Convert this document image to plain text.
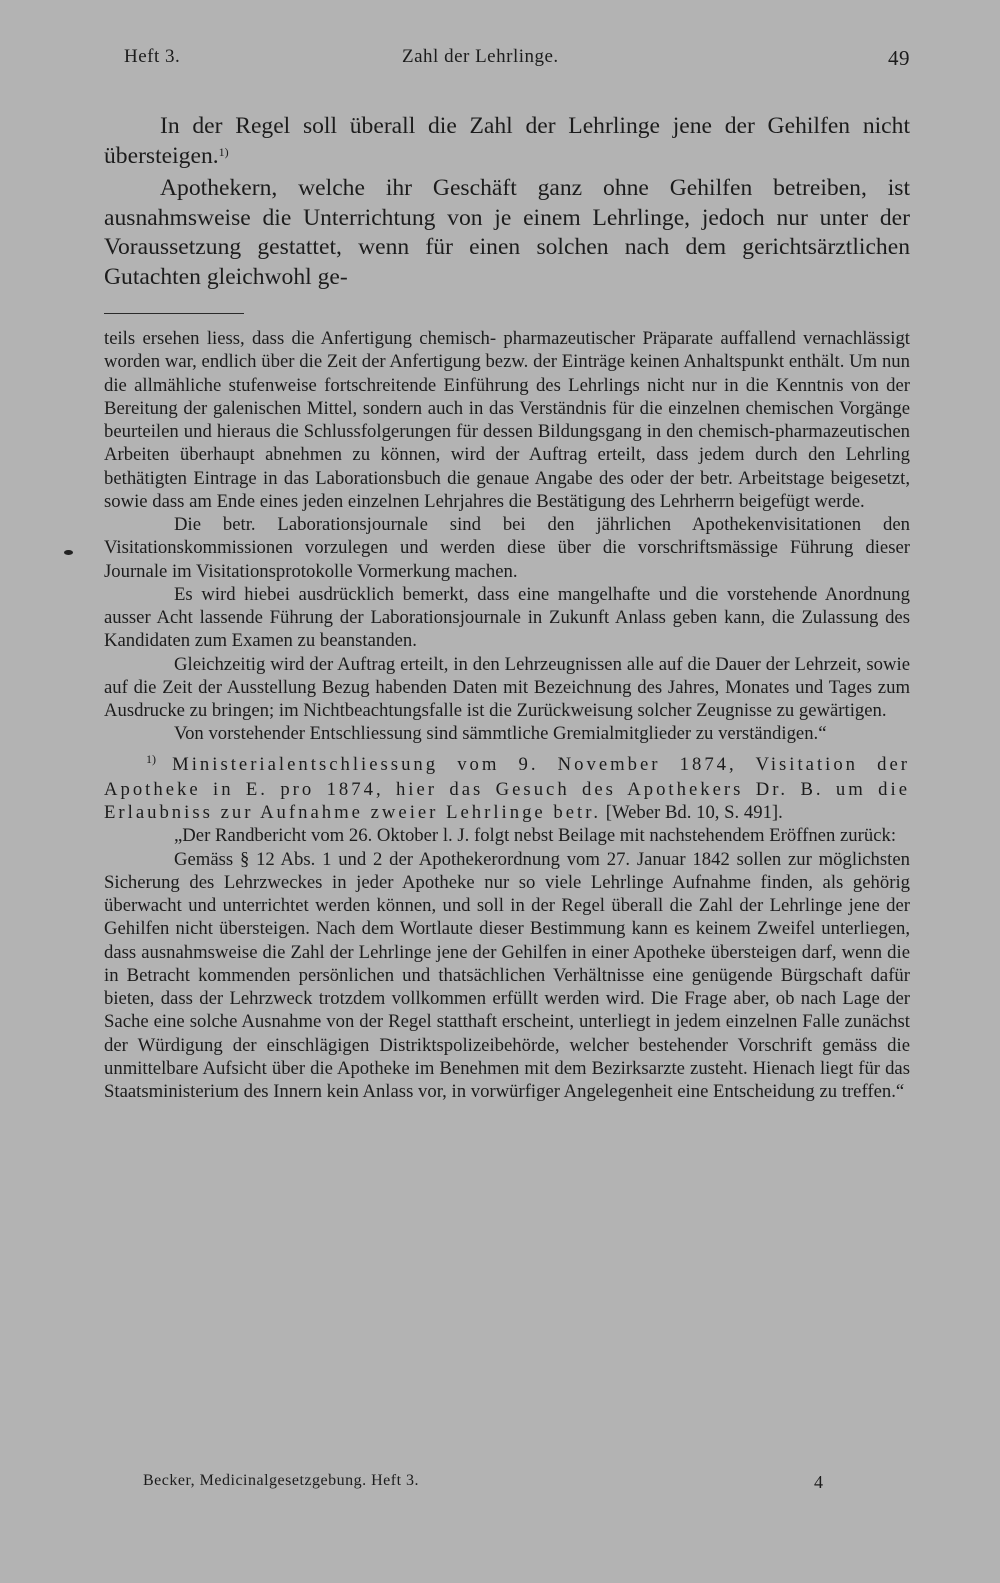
Heft 3.	Zahl der Lehrlinge.	49

In der Regel soll überall die Zahl der Lehrlinge jene der Gehilfen nicht übersteigen.$^{1)}$

Apothekern, welche ihr Geschäft ganz ohne Gehilfen betreiben, ist ausnahmsweise die Unterrichtung von je einem Lehrlinge, jedoch nur unter der Voraussetzung gestattet, wenn für einen solchen nach dem gerichtsärztlichen Gutachten gleichwohl ge-

teils ersehen liess, dass die Anfertigung chemisch- pharmazeutischer Präparate auffallend vernachlässigt worden war, endlich über die Zeit der Anfertigung bezw. der Einträge keinen Anhaltspunkt enthält. Um nun die allmähliche stufenweise fortschreitende Einführung des Lehrlings nicht nur in die Kenntnis von der Bereitung der galenischen Mittel, sondern auch in das Verständnis für die einzelnen chemischen Vorgänge beurteilen und hieraus die Schlussfolgerungen für dessen Bildungsgang in den chemisch-pharmazeutischen Arbeiten überhaupt abnehmen zu können, wird der Auftrag erteilt, dass jedem durch den Lehrling bethätigten Eintrage in das Laborationsbuch die genaue Angabe des oder der betr. Arbeitstage beigesetzt, sowie dass am Ende eines jeden einzelnen Lehrjahres die Bestätigung des Lehrherrn beigefügt werde.

Die betr. Laborationsjournale sind bei den jährlichen Apothekenvisitationen den Visitationskommissionen vorzulegen und werden diese über die vorschriftsmässige Führung dieser Journale im Visitationsprotokolle Vormerkung machen.

Es wird hiebei ausdrücklich bemerkt, dass eine mangelhafte und die vorstehende Anordnung ausser Acht lassende Führung der Laborationsjournale in Zukunft Anlass geben kann, die Zulassung des Kandidaten zum Examen zu beanstanden.

Gleichzeitig wird der Auftrag erteilt, in den Lehrzeugnissen alle auf die Dauer der Lehrzeit, sowie auf die Zeit der Ausstellung Bezug habenden Daten mit Bezeichnung des Jahres, Monates und Tages zum Ausdrucke zu bringen; im Nichtbeachtungsfalle ist die Zurückweisung solcher Zeugnisse zu gewärtigen.

Von vorstehender Entschliessung sind sämmtliche Gremialmitglieder zu verständigen.“

$^{1)}$ Ministerialentschliessung vom 9. November 1874, Visitation der Apotheke in E. pro 1874, hier das Gesuch des Apothekers Dr. B. um die Erlaubniss zur Aufnahme zweier Lehrlinge betr. [Weber Bd. 10, S. 491].

„Der Randbericht vom 26. Oktober l. J. folgt nebst Beilage mit nachstehendem Eröffnen zurück:

Gemäss § 12 Abs. 1 und 2 der Apothekerordnung vom 27. Januar 1842 sollen zur möglichsten Sicherung des Lehrzweckes in jeder Apotheke nur so viele Lehrlinge Aufnahme finden, als gehörig überwacht und unterrichtet werden können, und soll in der Regel überall die Zahl der Lehrlinge jene der Gehilfen nicht übersteigen. Nach dem Wortlaute dieser Bestimmung kann es keinem Zweifel unterliegen, dass ausnahmsweise die Zahl der Lehrlinge jene der Gehilfen in einer Apotheke übersteigen darf, wenn die in Betracht kommenden persönlichen und thatsächlichen Verhältnisse eine genügende Bürgschaft dafür bieten, dass der Lehrzweck trotzdem vollkommen erfüllt werden wird. Die Frage aber, ob nach Lage der Sache eine solche Ausnahme von der Regel statthaft erscheint, unterliegt in jedem einzelnen Falle zunächst der Würdigung der einschlägigen Distriktspolizeibehörde, welcher bestehender Vorschrift gemäss die unmittelbare Aufsicht über die Apotheke im Benehmen mit dem Bezirksarzte zusteht. Hienach liegt für das Staatsministerium des Innern kein Anlass vor, in vorwürfiger Angelegenheit eine Entscheidung zu treffen.“

Becker, Medicinalgesetzgebung. Heft 3.	4
